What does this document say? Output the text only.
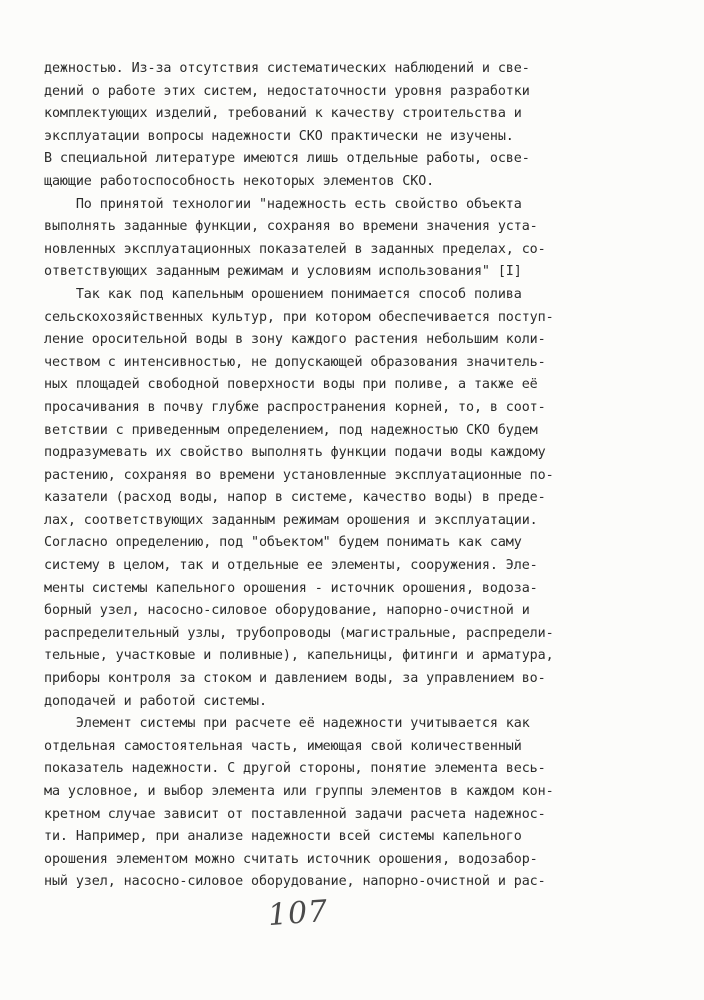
дежностью. Из-за отсутствия систематических наблюдений и све-
дений о работе этих систем, недостаточности уровня разработки
комплектующих изделий, требований к качеству строительства и
эксплуатации вопросы надежности СКО практически не изучены.
В специальной литературе имеются лишь отдельные работы, осве-
щающие работоспособность некоторых элементов СКО.
По принятой технологии "надежность есть свойство объекта
выполнять заданные функции, сохраняя во времени значения уста-
новленных эксплуатационных показателей в заданных пределах, со-
ответствующих заданным режимам и условиям использования" [I]
Так как под капельным орошением понимается способ полива
сельскохозяйственных культур, при котором обеспечивается поступ-
ление оросительной воды в зону каждого растения небольшим коли-
чеством с интенсивностью, не допускающей образования значитель-
ных площадей свободной поверхности воды при поливе, а также её
просачивания в почву глубже распространения корней, то, в соот-
ветствии с приведенным определением, под надежностью СКО будем
подразумевать их свойство выполнять функции подачи воды каждому
растению, сохраняя во времени установленные эксплуатационные по-
казатели (расход воды, напор в системе, качество воды) в преде-
лах, соответствующих заданным режимам орошения и эксплуатации.
Согласно определению, под "объектом" будем понимать как саму
систему в целом, так и отдельные ее элементы, сооружения. Эле-
менты системы капельного орошения - источник орошения, водоза-
борный узел, насосно-силовое оборудование, напорно-очистной и
распределительный узлы, трубопроводы (магистральные, распредели-
тельные, участковые и поливные), капельницы, фитинги и арматура,
приборы контроля за стоком и давлением воды, за управлением во-
доподачей и работой системы.
Элемент системы при расчете её надежности учитывается как
отдельная самостоятельная часть, имеющая свой количественный
показатель надежности. С другой стороны, понятие элемента весь-
ма условное, и выбор элемента или группы элементов в каждом кон-
кретном случае зависит от поставленной задачи расчета надежнос-
ти. Например, при анализе надежности всей системы капельного
орошения элементом можно считать источник орошения, водозабор-
ный узел, насосно-силовое оборудование, напорно-очистной и рас-
107
